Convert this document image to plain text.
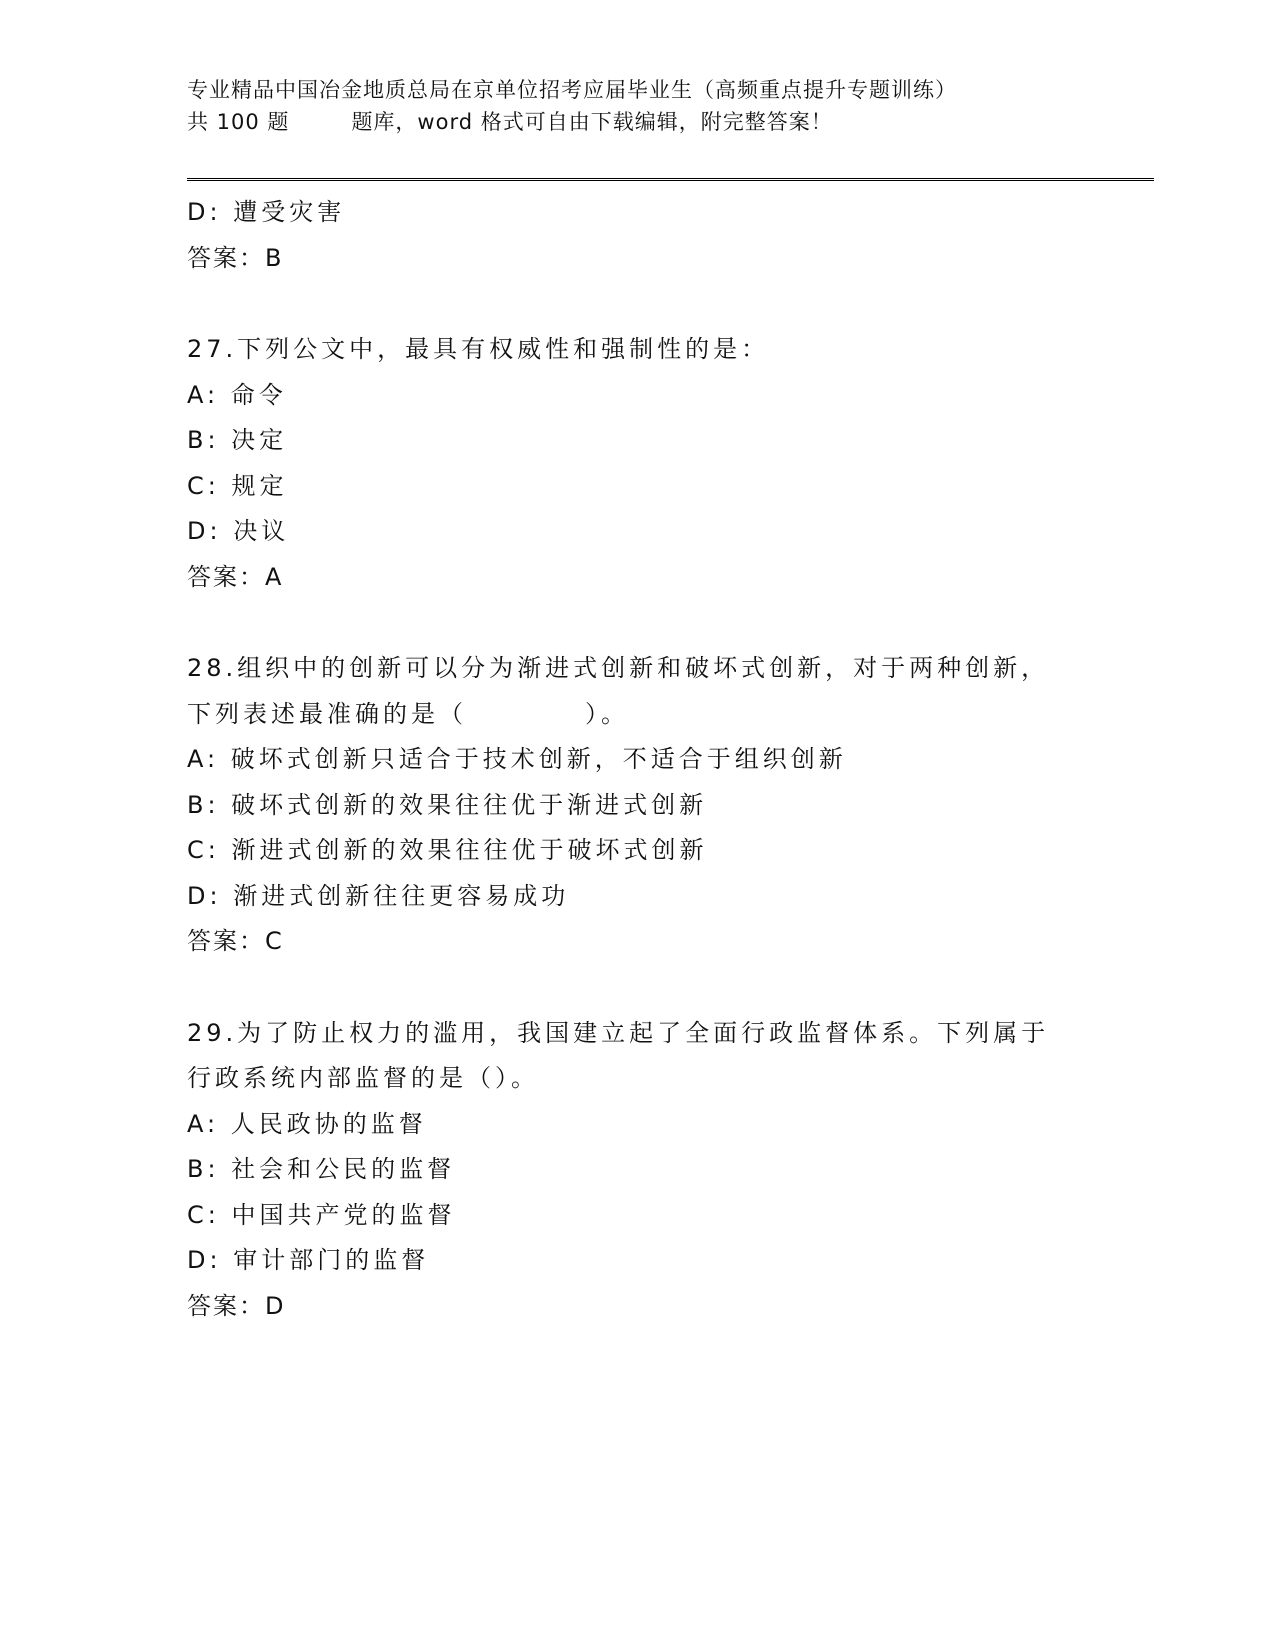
专业精品中国冶金地质总局在京单位招考应届毕业生（高频重点提升专题训练）
共 100 题	题库，word 格式可自由下载编辑，附完整答案！
D: 遭受灾害
答案：B
27.下列公文中，最具有权威性和强制性的是：
A: 命令
B: 决定
C: 规定
D: 决议
答案：A
28.组织中的创新可以分为渐进式创新和破坏式创新，对于两种创新，
下列表述最准确的是（	）。
A: 破坏式创新只适合于技术创新，不适合于组织创新
B: 破坏式创新的效果往往优于渐进式创新
C: 渐进式创新的效果往往优于破坏式创新
D: 渐进式创新往往更容易成功
答案：C
29.为了防止权力的滥用，我国建立起了全面行政监督体系。下列属于
行政系统内部监督的是（）。
A: 人民政协的监督
B: 社会和公民的监督
C: 中国共产党的监督
D: 审计部门的监督
答案：D
